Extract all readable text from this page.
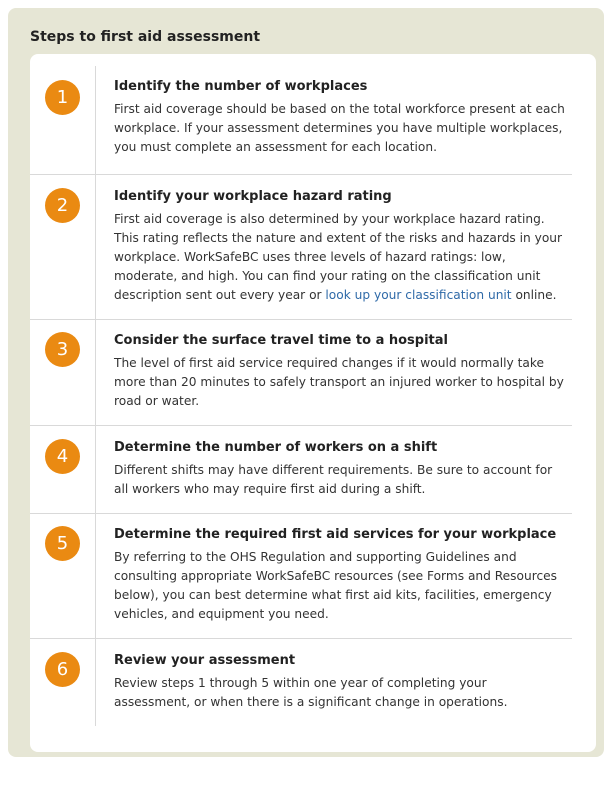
Steps to first aid assessment
1

Identify the number of workplaces

First aid coverage should be based on the total workforce present at each workplace. If your assessment determines you have multiple workplaces, you must complete an assessment for each location.

2	Identify your workplace hazard rating

First aid coverage is also determined by your workplace hazard rating. This rating reflects the nature and extent of the risks and hazards in your workplace. WorkSafeBC uses three levels of hazard ratings: low, moderate, and high. You can find your rating on the classification unit description sent out every year or look up your classification unit online.

3	Consider the surface travel time to a hospital

The level of first aid service required changes if it would normally take more than 20 minutes to safely transport an injured worker to hospital by road or water.

4	Determine the number of workers on a shift

Different shifts may have different requirements. Be sure to account for all workers who may require first aid during a shift.

5	Determine the required first aid services for your workplace

By referring to the OHS Regulation and supporting Guidelines and consulting appropriate WorkSafeBC resources (see Forms and Resources below), you can best determine what first aid kits, facilities, emergency vehicles, and equipment you need.

6	Review your assessment

Review steps 1 through 5 within one year of completing your assessment, or when there is a significant change in operations.
